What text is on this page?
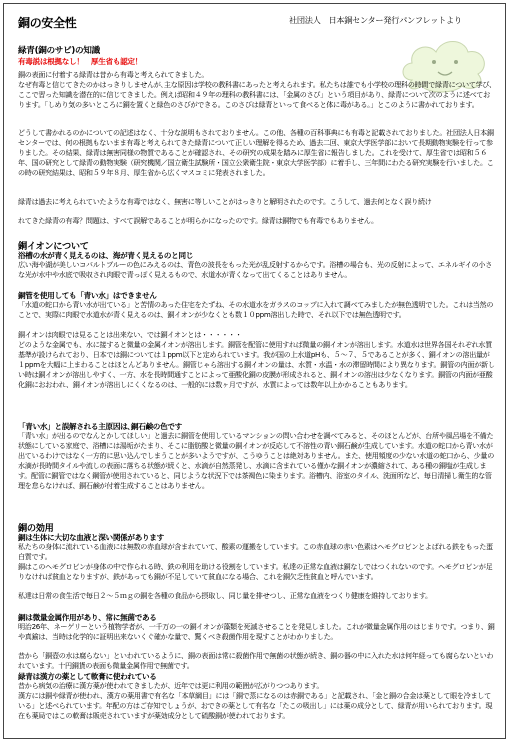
銅の安全性	社団法人　日本銅センター発行パンフレットより
緑青(銅のサビ)の知識
有毒説は根拠なし！　厚生省も認定！

銅の表面に付着する緑青は昔から有毒と考えられてきました。

なぜ有毒と信じてきたのかはっきりしませんが､主な原因は学校の教科書にあったと考えられます。私たちは誰でも小学校の理科の時間で緑青について学び、ここで習った知識を潜在的に信じてきました。例えば昭和４９年の理科の教科書には、「金属のさび」という項目があり、緑青について次のように述べております。「しめり気の多いところに銅を置くと緑色のさびができる。このさびは緑青といって食べると体に毒がある。」とこのように書かれております。

どうして書かれるのかについての記述はなく、十分な説明もされておりません。この他、各種の百科事典にも有毒と記載されておりました。社団法人日本銅センターでは、何の根拠もないまま有毒と考えられてきた緑青について正しい理解を得るため、過去二回、東京大学医学部において長期動物実験を行って参りました。その結果、緑青は無害同様の物質であることが確認され、その研究の成果を踏みに厚生省に報告しました。これを受けて、厚生省では昭和５６年、国の研究として緑青の動物実験（研究機関／国立衛生試験所・国立公衆衛生院・東京大学医学部）に着手し、三年間にわたる研究実験を行いました。この時の研究結果は、昭和５９年８月、厚生省から広くマスコミに発表されました。

緑青は過去に考えられていたような有毒ではなく、無害に等しいことがはっきりと解明されたのです。こうして、過去何となく誤り続け

れてきた緑青の有毒？問題は、すべて誤解であることが明らかになったのです。緑青は銅物でも有毒でもありません。

銅イオンについて
浴槽の水が青く見えるのは、海が青く見えるのと同じ

広い海や湖が美しいコバルトブルーの色にみえるのは、青色の波長をもった光が乱反射するからです。浴槽の場合も、光の反射によって、エネルギイの小さな光が水中や水底で吸収され肉眼で青っぽく見えるもので、水道水が青くなって出てくることはありません。

銅管を使用しても「青い水」はできません

「水道の蛇口から青い水が出ている」と苦情のあった住宅をたずね、その水道水をガラスのコップに入れて調べてみましたが無色透明でした。これは当然のことで、実際に肉眼で水道水が青く見えるのは、銅イオンが少なくとも数１０ppm溶出した時で、それ以下では無色透明です。

銅イオンは肉眼では見ることは出来ない、では銅イオンとは・・・・・・

どのような金属でも、水に接すると微量の金属イオンが溶出します。銅管を配管に使用すれば微量の銅イオンが溶出します。水道水は世界各国それぞれ水質基準が設けられており、日本では銅については１ppm以下と定められています。我が国の上水道pHも、５～７、５であることが多く、銅イオンの溶出量が１ppmを大幅に上まわることはほとんどありません。銅管じゃら溶出する銅イオンの量は、水質・水温・水の滞留時間により異なります。銅管の内面が新しい時は銅イオンが溶出しやすく、一方、水を長時間通すことによって亜酸化銅の皮膜が形成されると、銅イオンの溶出は少なくなります。銅管の内面が亜酸化銅におおわれ、銅イオンが溶出しにくくなるのは、一般的には数ヶ月ですが、水質によっては数年以上かかることもあります。

「青い水」と誤解される主原因は､銅石鹸の色です

「青い水」が出るのでなんとかしてほしい」と過去に銅管を使用しているマンションの問い合わせを調べてみると、そのほとんどが、台所や風呂場を不備た状態にしている家庭で、浴槽には湯垢がたまり、そこに脂肪酸と微量の銅イオンが反応して不溶性の青い銅石鹸が生成しています。水道の蛇口から青い水が出ているわけではなく一方的に思い込んでしまうことが多いようですが、こうゆうことは絶対ありません。また、使用頻度の少ない水道の蛇口から、少量の水滴が長時間タイルや流しの表面に落ちる状態が続くと、水滴が自然蒸発し、水滴に含まれている僅かな銅イオンが濃縮されて、ある種の銅塩が生成します。配管に銅管ではなく鋼管が使用されていると、同じような状況下では茶褐色に染まります。浴槽内、浴室のタイル、洗面所など、毎日清掃し衛生的な管理を怠らなければ、銅石鹸が付着生成することはありません。

銅の効用
銅は生体に大切な血液と深い関係があります

私たちの身体に流れている血液には無数の赤血球が含まれていて、酸素の運搬をしています。この赤血球の赤い色素はヘモグロビンとよばれる鉄をもった蛋白質です。

銅はこのヘモグロビンが身体の中で作られる時、鉄の利用を助ける役割をしています。私達の正常な血液は銅なしではつくれないのです。ヘモグロビンが足りなければ貧血となりますが、鉄があっても銅が不足していて貧血になる場合、これを銅欠乏性貧血と呼んでいます。

私達は日常の食生活で毎日２～５ｍｇの銅を各種の食品から摂取し、同じ量を排せつし、正常な血液をつくり健康を維持しております。

銅は微量金属作用があり、常に無菌である

明治26年、ネーゲリーという植物学者が、一千万の一の銅イオンが藻類を死滅させることを発見しました。これが微量金属作用のはじまりです。つまり、銅や真鍮は、当時は化学的に証明出来ないくぐ確かな量で、驚くべき殺菌作用を現すことがわかりました。

昔から「銅壺の水は腐らない」といわれているように、銅の表面は常に殺菌作用で無菌の状態が続き、銅の器の中に入れた水は何年経っても腐らないといわれています。十円銅貨の表面も微量金属作用で無菌です。

緑青は漢方の薬として軟膏に使われている

昔から病気の治療に漢方薬が使われてきましたが、近年では更に利用の範囲が広がりつつあります。

漢方には銅や緑青が使われ、漢方の薬用書で有名な「本草綱目」には「銅で蒸になるのは赤銅である」と記載され、「金と銅の合金は薬として眼を冷ましている」と述べられています。年配の方はご存知でしょうが、おできの薬として有名な「たこの吸出し」には薬の成分として、緑青が用いられております。現在も薬局ではこの軟膏は販売されていますが薬効成分として硫酸銅が使われております。
